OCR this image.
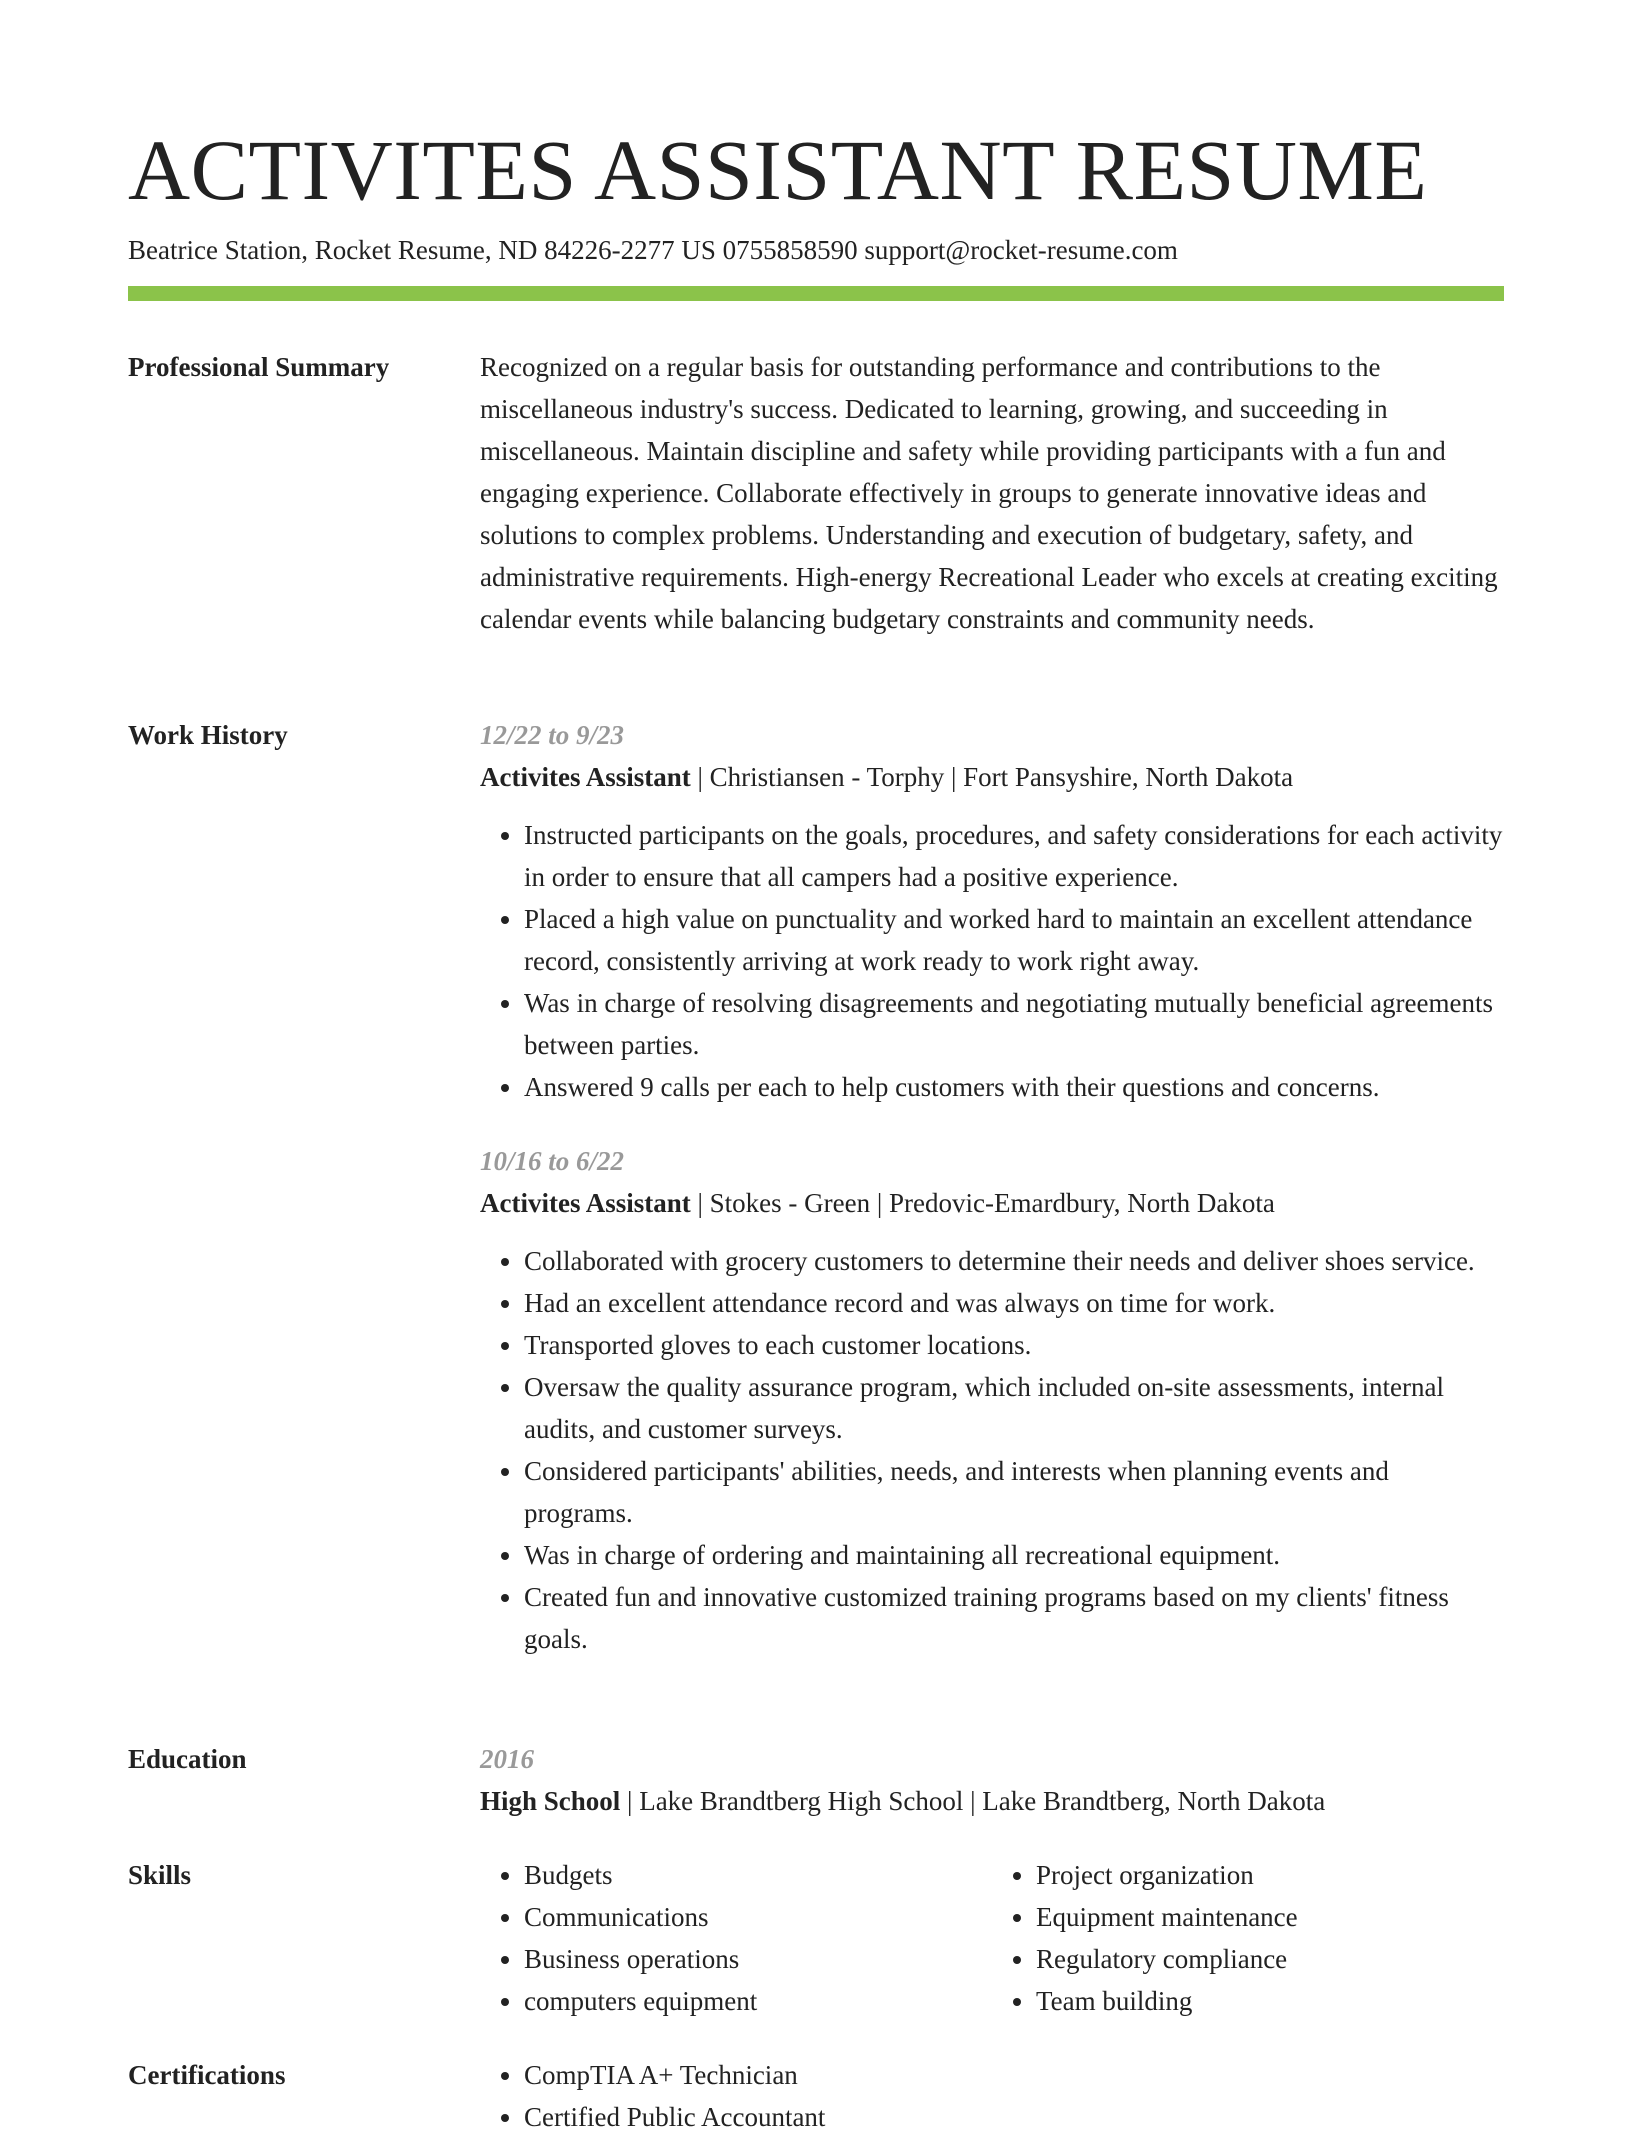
ACTIVITES ASSISTANT RESUME
Beatrice Station, Rocket Resume, ND 84226-2277 US 0755858590 support@rocket-resume.com
Professional Summary	Recognized on a regular basis for outstanding performance and contributions to the miscellaneous industry's success. Dedicated to learning, growing, and succeeding in miscellaneous. Maintain discipline and safety while providing participants with a fun and engaging experience. Collaborate effectively in groups to generate innovative ideas and solutions to complex problems. Understanding and execution of budgetary, safety, and administrative requirements. High-energy Recreational Leader who excels at creating exciting calendar events while balancing budgetary constraints and community needs.

Work History	12/22 to 9/23
Activites Assistant | Christiansen - Torphy | Fort Pansyshire, North Dakota
• Instructed participants on the goals, procedures, and safety considerations for each activity in order to ensure that all campers had a positive experience.
• Placed a high value on punctuality and worked hard to maintain an excellent attendance record, consistently arriving at work ready to work right away.
• Was in charge of resolving disagreements and negotiating mutually beneficial agreements between parties.
• Answered 9 calls per each to help customers with their questions and concerns.
10/16 to 6/22
Activites Assistant | Stokes - Green | Predovic-Emardbury, North Dakota
• Collaborated with grocery customers to determine their needs and deliver shoes service.
• Had an excellent attendance record and was always on time for work.
• Transported gloves to each customer locations.
• Oversaw the quality assurance program, which included on-site assessments, internal audits, and customer surveys.
• Considered participants' abilities, needs, and interests when planning events and programs.
• Was in charge of ordering and maintaining all recreational equipment.
• Created fun and innovative customized training programs based on my clients' fitness goals.
Education	2016
High School | Lake Brandtberg High School | Lake Brandtberg, North Dakota
Skills	• Budgets
• Communications
• Business operations
• computers equipment
• Project organization
• Equipment maintenance
• Regulatory compliance
• Team building
Certifications	• CompTIA A+ Technician
• Certified Public Accountant
